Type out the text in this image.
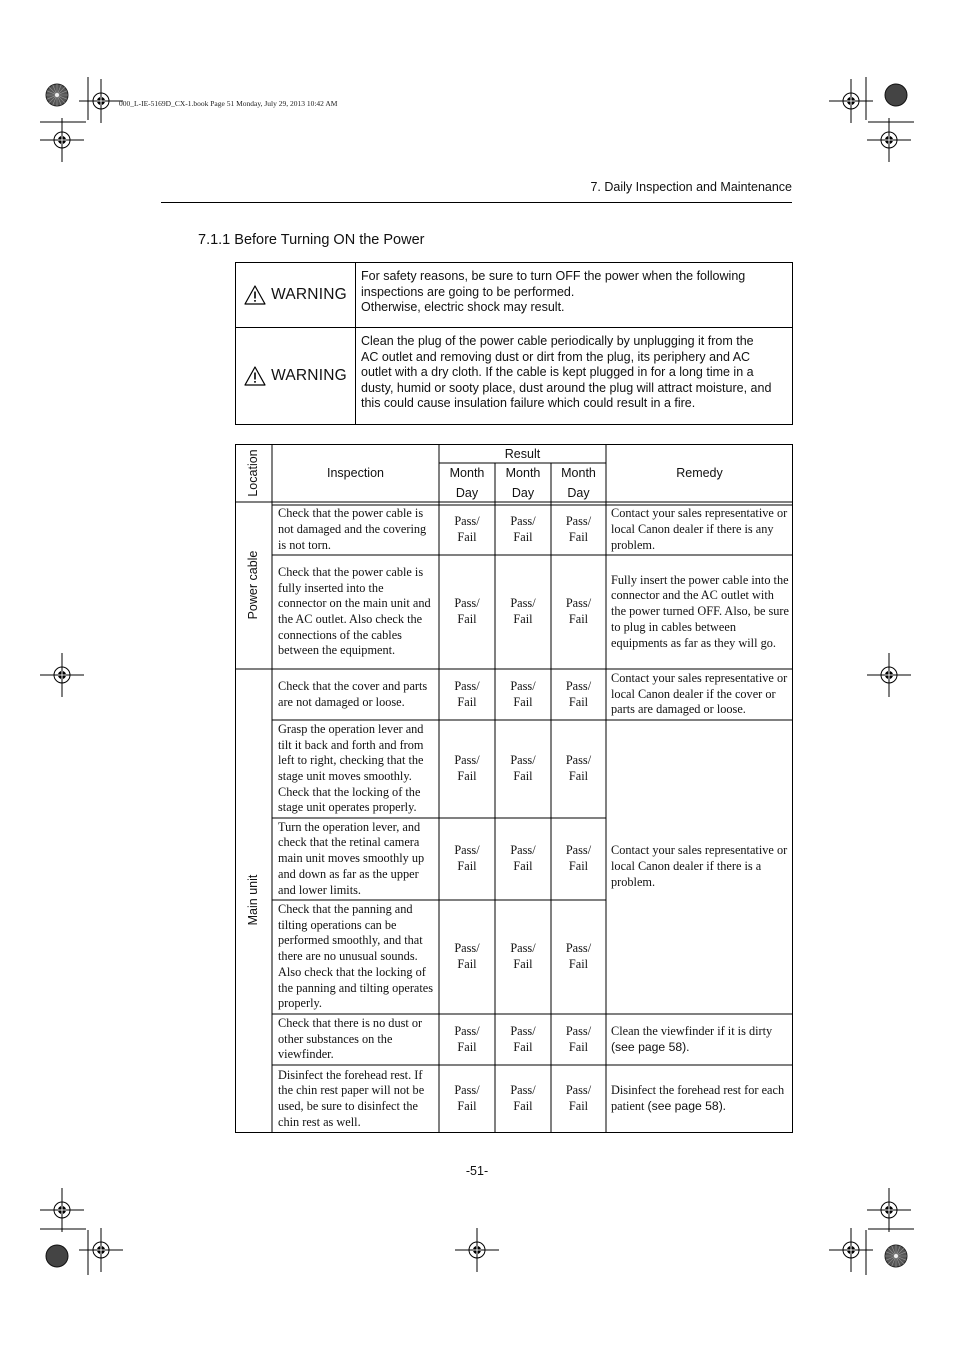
000_L-IE-5169D_CX-1.book Page 51 Monday, July 29, 2013 10:42 AM
7. Daily Inspection and Maintenance
7.1.1 Before Turning ON the Power
WARNING
For safety reasons, be sure to turn OFF the power when the following
inspections are going to be performed.
Otherwise, electric shock may result.
WARNING
Clean the plug of the power cable periodically by unplugging it from the
AC outlet and removing dust or dirt from the plug, its periphery and AC
outlet with a dry cloth. If the cable is kept plugged in for a long time in a
dusty, humid or sooty place, dust around the plug will attract moisture, and
this could cause insulation failure which could result in a fire.
Location	Inspection
Result
Remedy
Month
Day
Month
Day
Month
Day
Power cable
Main unit
Check that the power cable is not damaged and the covering is not torn.
Pass/
Fail
Pass/
Fail
Pass/
Fail
Contact your sales representative or local Canon dealer if there is any problem.
Check that the power cable is fully inserted into the connector on the main unit and the AC outlet. Also check the connections of the cables between the equipment.
Pass/
Fail
Pass/
Fail
Pass/
Fail
Fully insert the power cable into the connector and the AC outlet with the power turned OFF. Also, be sure to plug in cables between equipments as far as they will go.
Check that the cover and parts are not damaged or loose.
Pass/
Fail
Pass/
Fail
Pass/
Fail
Contact your sales representative or local Canon dealer if the cover or parts are damaged or loose.
Grasp the operation lever and tilt it back and forth and from left to right, checking that the stage unit moves smoothly. Check that the locking of the stage unit operates properly.
Pass/
Fail
Pass/
Fail
Pass/
Fail
Contact your sales representative or local Canon dealer if there is a problem.
Turn the operation lever, and check that the retinal camera main unit moves smoothly up and down as far as the upper and lower limits.
Pass/
Fail
Pass/
Fail
Pass/
Fail
Check that the panning and tilting operations can be performed smoothly, and that there are no unusual sounds. Also check that the locking of the panning and tilting operates properly.
Pass/
Fail
Pass/
Fail
Pass/
Fail
Check that there is no dust or other substances on the viewfinder.
Pass/
Fail
Pass/
Fail
Pass/
Fail
Clean the viewfinder if it is dirty
(see page 58).
Disinfect the forehead rest. If the chin rest paper will not be used, be sure to disinfect the chin rest as well.
Pass/
Fail
Pass/
Fail
Pass/
Fail
Disinfect the forehead rest for each patient (see page 58).
-51-
